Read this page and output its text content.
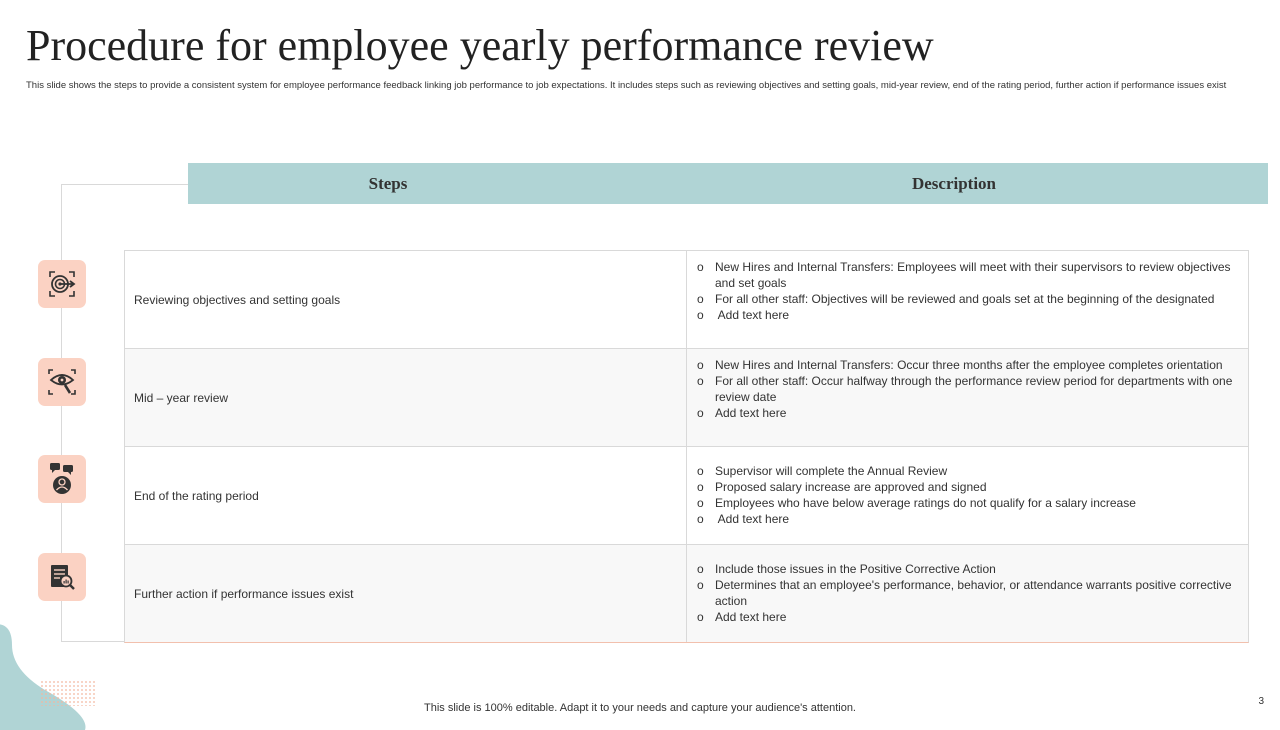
Procedure for employee yearly performance review
This slide shows the steps to provide a consistent system for employee performance feedback linking job performance to job expectations. It includes steps such as reviewing objectives and setting goals, mid-year review, end of the rating period, further action if performance issues exist
Steps	Description
Reviewing objectives and setting goals
o New Hires and Internal Transfers: Employees will meet with their supervisors to review objectives and set goals
o For all other staff: Objectives will be reviewed and goals set at the beginning of the designated
o Add text here
Mid – year review
o New Hires and Internal Transfers: Occur three months after the employee completes orientation
o For all other staff: Occur halfway through the performance review period for departments with one review date
o Add text here
End of the rating period
o Supervisor will complete the Annual Review
o Proposed salary increase are approved and signed
o Employees who have below average ratings do not qualify for a salary increase
o Add text here
Further action if performance issues exist
o Include those issues in the Positive Corrective Action
o Determines that an employee's performance, behavior, or attendance warrants positive corrective action
o Add text here
This slide is 100% editable. Adapt it to your needs and capture your audience's attention.
3
